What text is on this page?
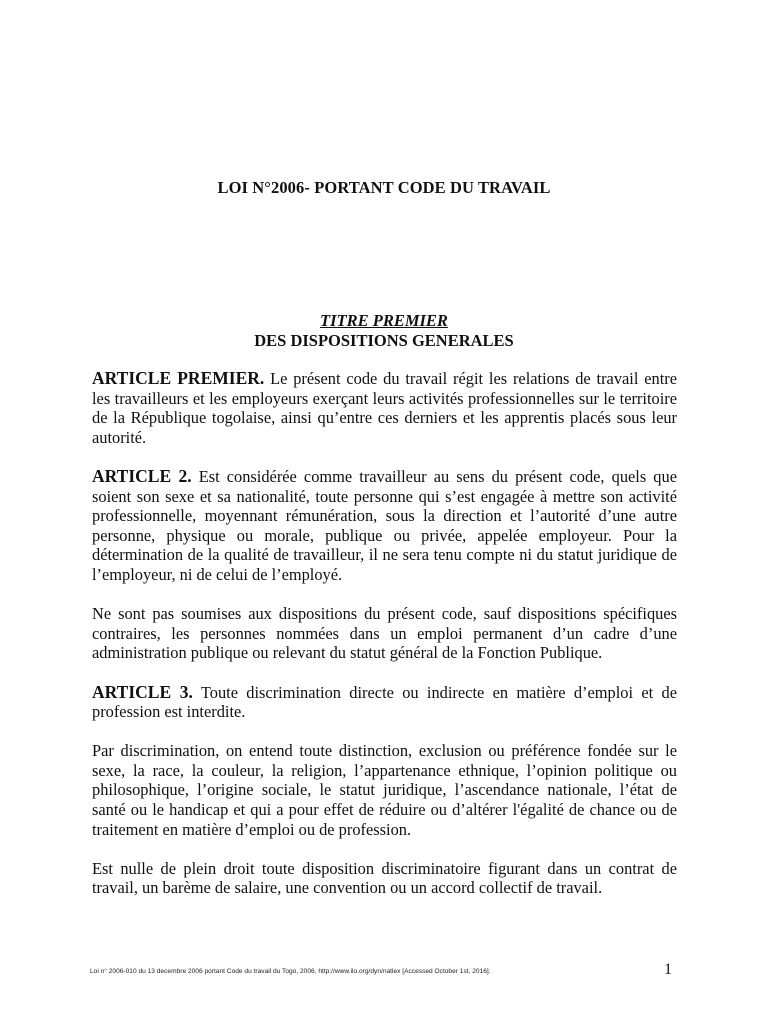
LOI N°2006- PORTANT CODE DU TRAVAIL
TITRE PREMIER
DES DISPOSITIONS GENERALES

ARTICLE PREMIER. Le présent code du travail régit les relations de travail entre les travailleurs et les employeurs exerçant leurs activités professionnelles sur le territoire de la République togolaise, ainsi qu’entre ces derniers et les apprentis placés sous leur autorité.

ARTICLE 2. Est considérée comme travailleur au sens du présent code, quels que soient son sexe et sa nationalité, toute personne qui s’est engagée à mettre son activité professionnelle, moyennant rémunération, sous la direction et l’autorité d’une autre personne, physique ou morale, publique ou privée, appelée employeur. Pour la détermination de la qualité de travailleur, il ne sera tenu compte ni du statut juridique de l’employeur, ni de celui de l’employé.

Ne sont pas soumises aux dispositions du présent code, sauf dispositions spécifiques contraires, les personnes nommées dans un emploi permanent d’un cadre d’une administration publique ou relevant du statut général de la Fonction Publique.

ARTICLE 3. Toute discrimination directe ou indirecte en matière d’emploi et de profession est interdite.

Par discrimination, on entend toute distinction, exclusion ou préférence fondée sur le sexe, la race, la couleur, la religion, l’appartenance ethnique, l’opinion politique ou philosophique, l’origine sociale, le statut juridique, l’ascendance nationale, l’état de santé ou le handicap et qui a pour effet de réduire ou d’altérer l'égalité de chance ou de traitement en matière d’emploi ou de profession.

Est nulle de plein droit toute disposition discriminatoire figurant dans un contrat de travail, un barème de salaire, une convention ou un accord collectif de travail.

Loi n° 2006-010 du 13 decembre 2006 portant Code du travail du Togo, 2006, http://www.ilo.org/dyn/natlex [Accessed October 1st, 2016].	1
